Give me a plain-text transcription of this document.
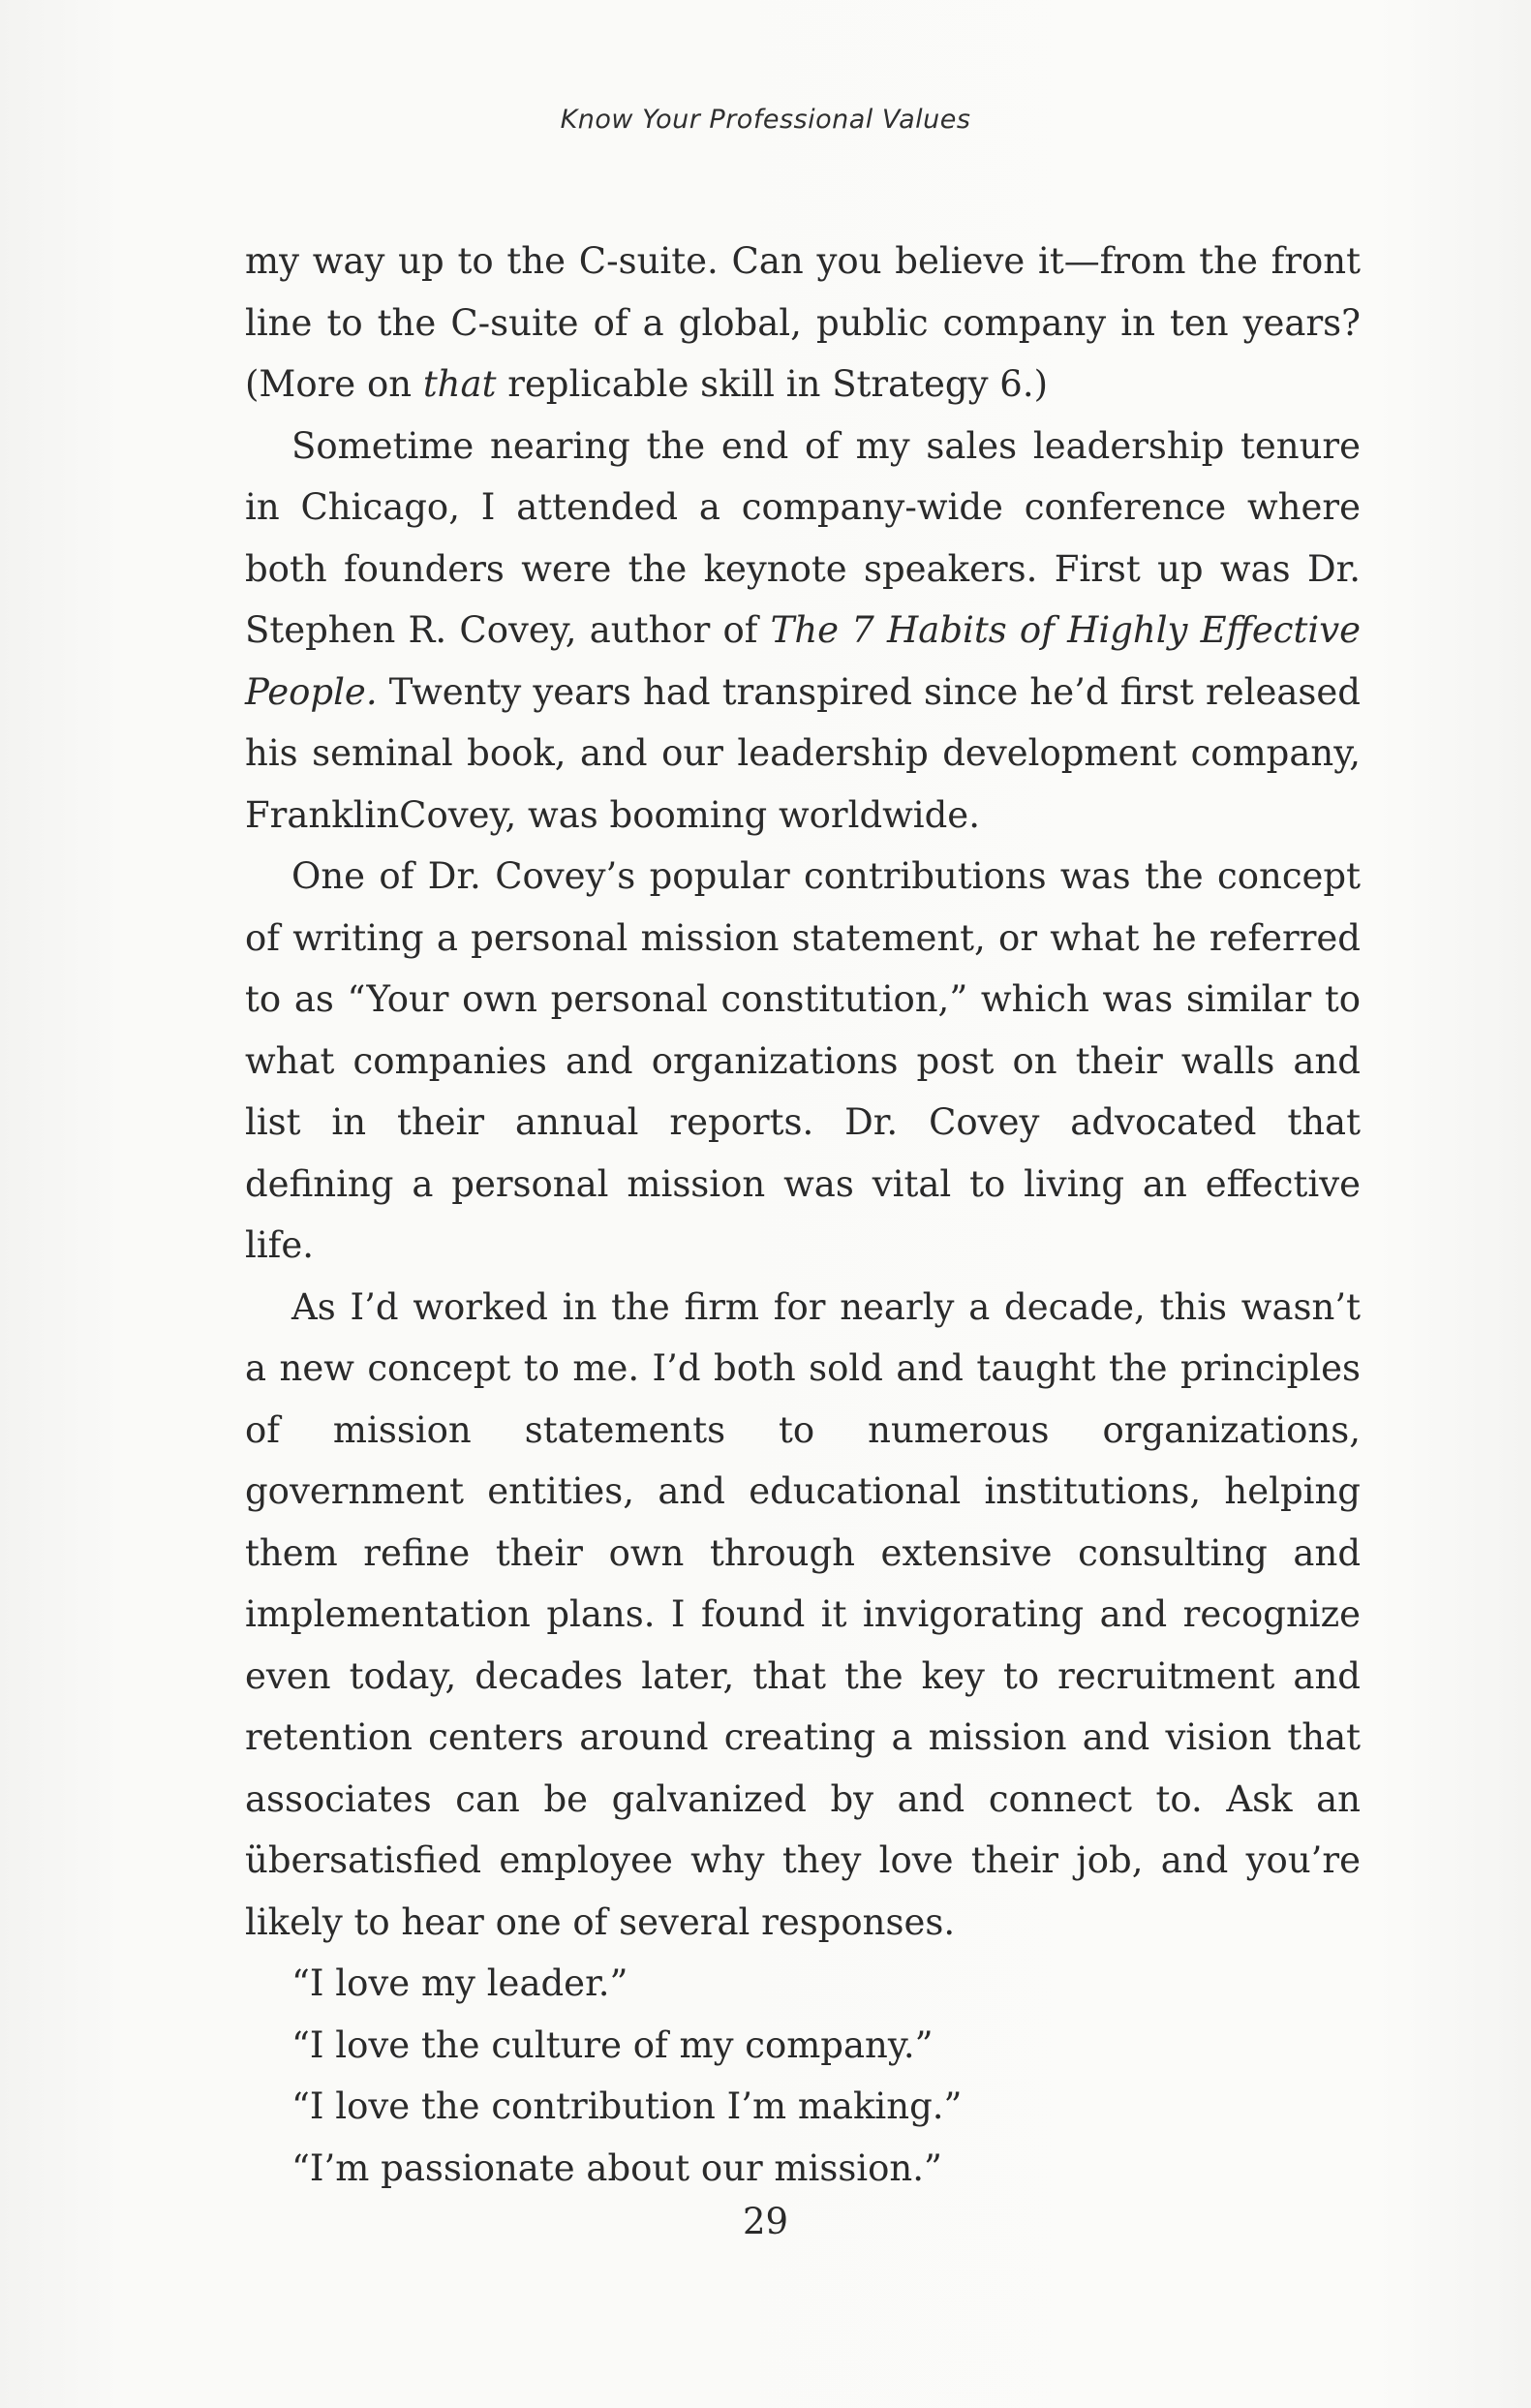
Know Your Professional Values

my way up to the C-suite. Can you believe it—from the front line to the C-suite of a global, public company in ten years? (More on that replicable skill in Strategy 6.)

Sometime nearing the end of my sales leadership tenure in Chicago, I attended a company-wide conference where both founders were the keynote speakers. First up was Dr. Stephen R. Covey, author of The 7 Habits of Highly Effective People. Twenty years had transpired since he’d first released his seminal book, and our leadership development company, FranklinCovey, was booming worldwide.

One of Dr. Covey’s popular contributions was the concept of writing a personal mission statement, or what he referred to as “Your own personal constitution,” which was similar to what companies and organizations post on their walls and list in their annual reports. Dr. Covey advocated that defining a personal mission was vital to living an effective life.

As I’d worked in the firm for nearly a decade, this wasn’t a new concept to me. I’d both sold and taught the principles of mission statements to numerous organizations, government entities, and educational institutions, helping them refine their own through extensive consulting and implementation plans. I found it invigorating and recognize even today, decades later, that the key to recruitment and retention centers around creating a mission and vision that associates can be galvanized by and connect to. Ask an übersatisfied employee why they love their job, and you’re likely to hear one of several responses.

“I love my leader.”

“I love the culture of my company.”

“I love the contribution I’m making.”

“I’m passionate about our mission.”

29
